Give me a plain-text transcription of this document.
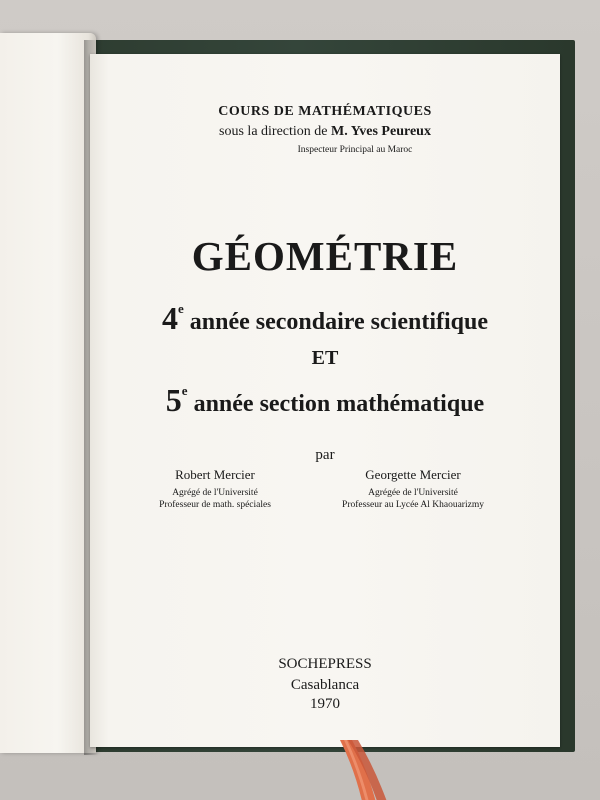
COURS DE MATHÉMATIQUES
sous la direction de M. Yves Peureux
Inspecteur Principal au Maroc
GÉOMÉTRIE
4eannée secondaire scientifique
ET
5eannée section mathématique
par
Robert Mercier
Agrégé de l'Université
Professeur de math. spéciales
Georgette Mercier
Agrégée de l'Université
Professeur au Lycée Al Khaouarizmy
SOCHEPRESS
Casablanca
1970
